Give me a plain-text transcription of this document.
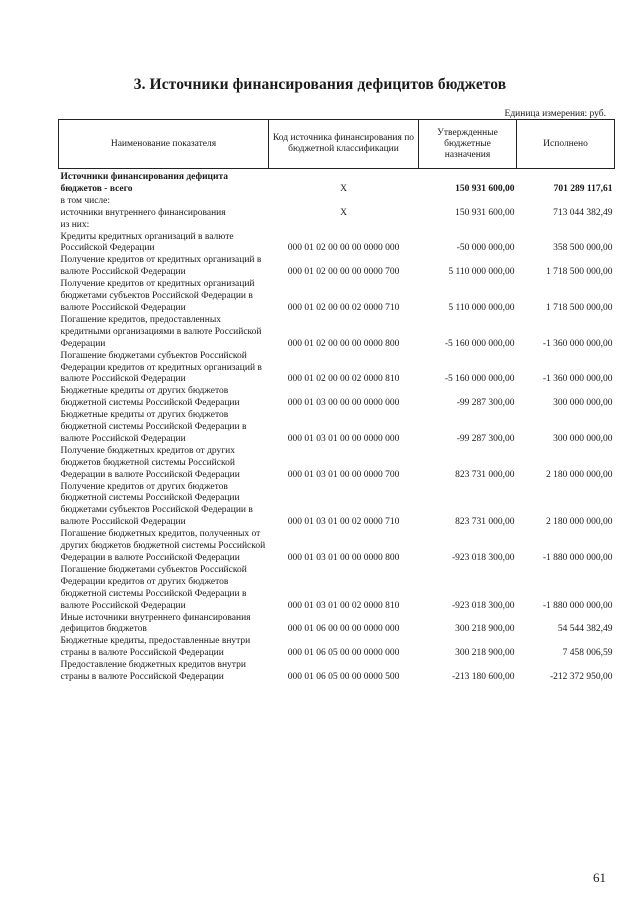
3. Источники финансирования дефицитов бюджетов
Единица измерения: руб.
Наименование показателя	Код источника финансирования по бюджетной классификации	Утвержденные бюджетные назначения	Исполнено
Источники финансирования дефицита бюджетов - всего	X	150 931 600,00	701 289 117,61
в том числе:			
источники внутреннего финансирования	X	150 931 600,00	713 044 382,49
из них:			
Кредиты кредитных организаций в валюте Российской Федерации	000 01 02 00 00 00 0000 000	-50 000 000,00	358 500 000,00
Получение кредитов от кредитных организаций в валюте Российской Федерации	000 01 02 00 00 00 0000 700	5 110 000 000,00	1 718 500 000,00
Получение кредитов от кредитных организаций бюджетами субъектов Российской Федерации в валюте Российской Федерации	000 01 02 00 00 02 0000 710	5 110 000 000,00	1 718 500 000,00
Погашение кредитов, предоставленных кредитными организациями в валюте Российской Федерации	000 01 02 00 00 00 0000 800	-5 160 000 000,00	-1 360 000 000,00
Погашение бюджетами субъектов Российской Федерации кредитов от кредитных организаций в валюте Российской Федерации	000 01 02 00 00 02 0000 810	-5 160 000 000,00	-1 360 000 000,00
Бюджетные кредиты от других бюджетов бюджетной системы Российской Федерации	000 01 03 00 00 00 0000 000	-99 287 300,00	300 000 000,00
Бюджетные кредиты от других бюджетов бюджетной системы Российской Федерации в валюте Российской Федерации	000 01 03 01 00 00 0000 000	-99 287 300,00	300 000 000,00
Получение бюджетных кредитов от других бюджетов бюджетной системы Российской Федерации в валюте Российской Федерации	000 01 03 01 00 00 0000 700	823 731 000,00	2 180 000 000,00
Получение кредитов от других бюджетов бюджетной системы Российской Федерации бюджетами субъектов Российской Федерации в валюте Российской Федерации	000 01 03 01 00 02 0000 710	823 731 000,00	2 180 000 000,00
Погашение бюджетных кредитов, полученных от других бюджетов бюджетной системы Российской Федерации в валюте Российской Федерации	000 01 03 01 00 00 0000 800	-923 018 300,00	-1 880 000 000,00
Погашение бюджетами субъектов Российской Федерации кредитов от других бюджетов бюджетной системы Российской Федерации в валюте Российской Федерации	000 01 03 01 00 02 0000 810	-923 018 300,00	-1 880 000 000,00
Иные источники внутреннего финансирования дефицитов бюджетов	000 01 06 00 00 00 0000 000	300 218 900,00	54 544 382,49
Бюджетные кредиты, предоставленные внутри страны в валюте Российской Федерации	000 01 06 05 00 00 0000 000	300 218 900,00	7 458 006,59
Предоставление бюджетных кредитов внутри страны в валюте Российской Федерации	000 01 06 05 00 00 0000 500	-213 180 600,00	-212 372 950,00
61
